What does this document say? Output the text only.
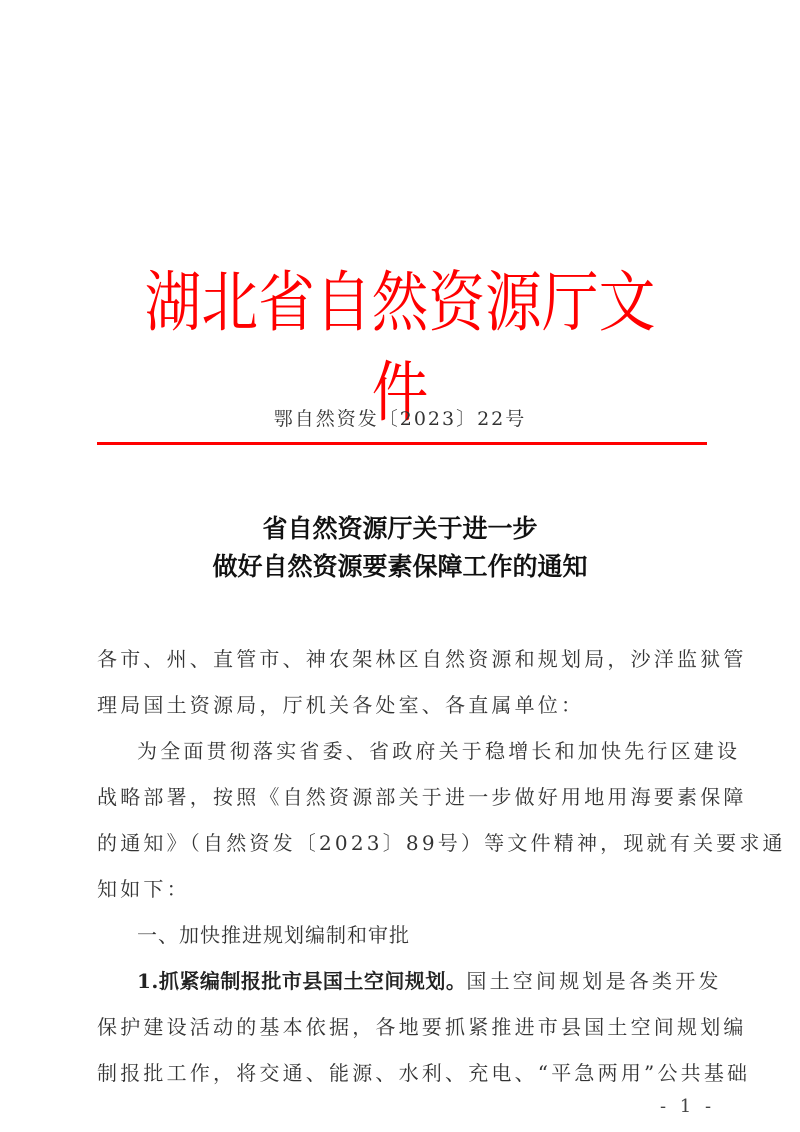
湖北省自然资源厅文件
鄂自然资发〔2023〕22号
省自然资源厅关于进一步
做好自然资源要素保障工作的通知
各市、州、直管市、神农架林区自然资源和规划局，沙洋监狱管
理局国土资源局，厅机关各处室、各直属单位：
为全面贯彻落实省委、省政府关于稳增长和加快先行区建设
战略部署，按照《自然资源部关于进一步做好用地用海要素保障
的通知》（自然资发〔2023〕89号）等文件精神，现就有关要求通
知如下：
一、加快推进规划编制和审批
1.抓紧编制报批市县国土空间规划。国土空间规划是各类开发
保护建设活动的基本依据，各地要抓紧推进市县国土空间规划编
制报批工作，将交通、能源、水利、充电、“平急两用”公共基础
- 1 -
